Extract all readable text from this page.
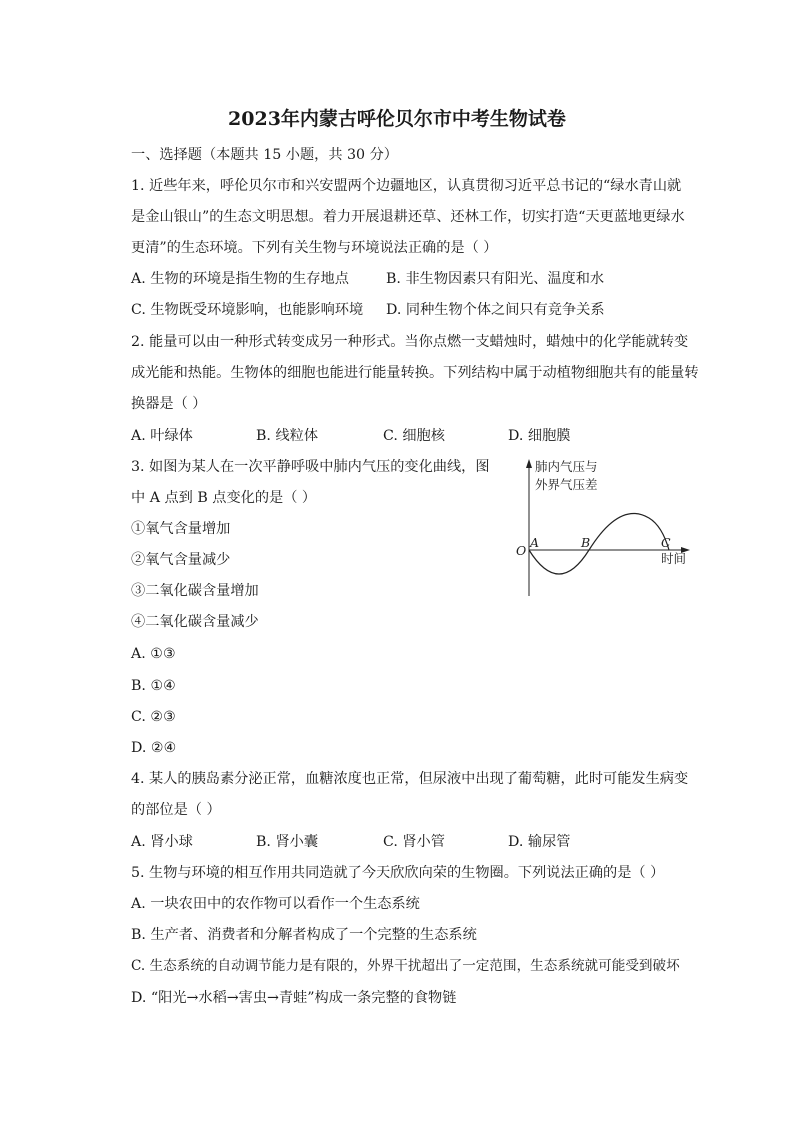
2023年内蒙古呼伦贝尔市中考生物试卷
一、选择题（本题共 15 小题，共 30 分）
1. 近些年来，呼伦贝尔市和兴安盟两个边疆地区，认真贯彻习近平总书记的“绿水青山就
是金山银山”的生态文明思想。着力开展退耕还草、还林工作，切实打造“天更蓝地更绿水
更清”的生态环境。下列有关生物与环境说法正确的是（ ）
A. 生物的环境是指生物的生存地点	B. 非生物因素只有阳光、温度和水
C. 生物既受环境影响，也能影响环境 D. 同种生物个体之间只有竞争关系
2. 能量可以由一种形式转变成另一种形式。当你点燃一支蜡烛时，蜡烛中的化学能就转变
成光能和热能。生物体的细胞也能进行能量转换。下列结构中属于动植物细胞共有的能量转
换器是（ ）
A. 叶绿体	B. 线粒体	C. 细胞核	D. 细胞膜
3. 如图为某人在一次平静呼吸中肺内气压的变化曲线，图
中 A 点到 B 点变化的是（ ）
①氧气含量增加
②氧气含量减少
③二氧化碳含量增加
④二氧化碳含量减少
A. ①③
B. ①④
C. ②③
D. ②④
肺内气压与
外界气压差
时间
O
A	B	C
4. 某人的胰岛素分泌正常，血糖浓度也正常，但尿液中出现了葡萄糖，此时可能发生病变
的部位是（ ）
A. 肾小球	B. 肾小囊	C. 肾小管	D. 输尿管
5. 生物与环境的相互作用共同造就了今天欣欣向荣的生物圈。下列说法正确的是（ ）
A. 一块农田中的农作物可以看作一个生态系统
B. 生产者、消费者和分解者构成了一个完整的生态系统
C. 生态系统的自动调节能力是有限的，外界干扰超出了一定范围，生态系统就可能受到破坏
D. “阳光→水稻→害虫→青蛙”构成一条完整的食物链
